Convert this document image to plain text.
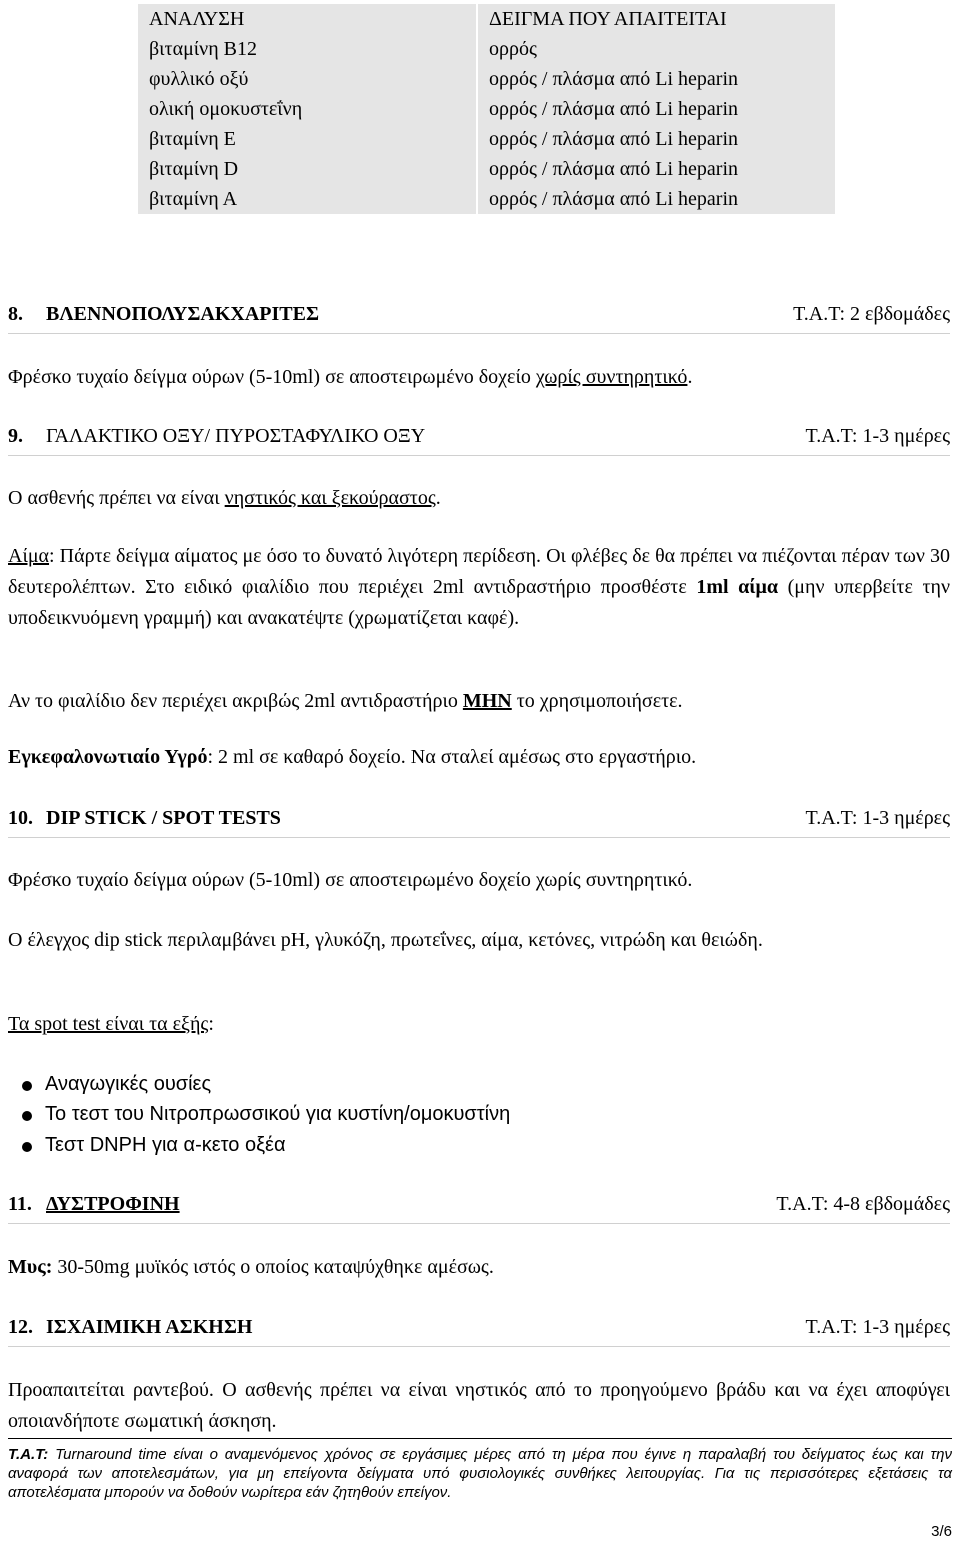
ΑΝΑΛΥΣΗ	ΔΕΙΓΜΑ ΠΟΥ ΑΠΑΙΤΕΙΤΑΙ
βιταμίνη B12	ορρός
φυλλικό οξύ	ορρός / πλάσμα από Li heparin
ολική ομοκυστεΐνη	ορρός / πλάσμα από Li heparin
βιταμίνη Ε	ορρός / πλάσμα από Li heparin
βιταμίνη D	ορρός / πλάσμα από Li heparin
βιταμίνη Α	ορρός / πλάσμα από Li heparin
8. ΒΛΕΝΝΟΠΟΛΥΣΑΚΧΑΡΙΤΕΣ	Τ.Α.Τ: 2 εβδομάδες
Φρέσκο τυχαίο δείγμα ούρων (5-10ml) σε αποστειρωμένο δοχείο χωρίς συντηρητικό.
9. ΓΑΛΑΚΤΙΚΟ ΟΞΥ/ ΠΥΡΟΣΤΑΦΥΛΙΚΟ ΟΞΥ	Τ.Α.Τ: 1-3 ημέρες
Ο ασθενής πρέπει να είναι νηστικός και ξεκούραστος.
Αίμα: Πάρτε δείγμα αίματος με όσο το δυνατό λιγότερη περίδεση. Οι φλέβες δε θα πρέπει να πιέζονται πέραν των 30 δευτερολέπτων. Στο ειδικό φιαλίδιο που περιέχει 2ml αντιδραστήριο προσθέστε 1ml αίμα (μην υπερβείτε την υποδεικνυόμενη γραμμή) και ανακατέψτε (χρωματίζεται καφέ).
Αν το φιαλίδιο δεν περιέχει ακριβώς 2ml αντιδραστήριο ΜΗΝ το χρησιμοποιήσετε.
Εγκεφαλονωτιαίο Υγρό: 2 ml σε καθαρό δοχείο. Να σταλεί αμέσως στο εργαστήριο.
10. DIP STICK / SPOT TESTS	Τ.Α.Τ: 1-3 ημέρες
Φρέσκο τυχαίο δείγμα ούρων (5-10ml) σε αποστειρωμένο δοχείο χωρίς συντηρητικό.
Ο έλεγχος dip stick περιλαμβάνει pH, γλυκόζη, πρωτεΐνες, αίμα, κετόνες, νιτρώδη και θειώδη.
Τα spot test είναι τα εξής:
Αναγωγικές ουσίες
Το τεστ του Νιτροπρωσσικού για κυστίνη/ομοκυστίνη
Τεστ DNPH για α-κετο οξέα
11. ΔΥΣΤΡΟΦΙΝΗ	Τ.Α.Τ: 4-8 εβδομάδες
Μυς: 30-50mg μυϊκός ιστός ο οποίος καταψύχθηκε αμέσως.
12. ΙΣΧΑΙΜΙΚΗ ΑΣΚΗΣΗ	Τ.Α.Τ: 1-3 ημέρες
Προαπαιτείται ραντεβού. Ο ασθενής πρέπει να είναι νηστικός από το προηγούμενο βράδυ και να έχει αποφύγει οποιανδήποτε σωματική άσκηση.
Τ.Α.Τ: Turnaround time είναι ο αναμενόμενος χρόνος σε εργάσιμες μέρες από τη μέρα που έγινε η παραλαβή του δείγματος έως και την αναφορά των αποτελεσμάτων, για μη επείγοντα δείγματα υπό φυσιολογικές συνθήκες λειτουργίας. Για τις περισσότερες εξετάσεις τα αποτελέσματα μπορούν να δοθούν νωρίτερα εάν ζητηθούν επείγον.
3/6
